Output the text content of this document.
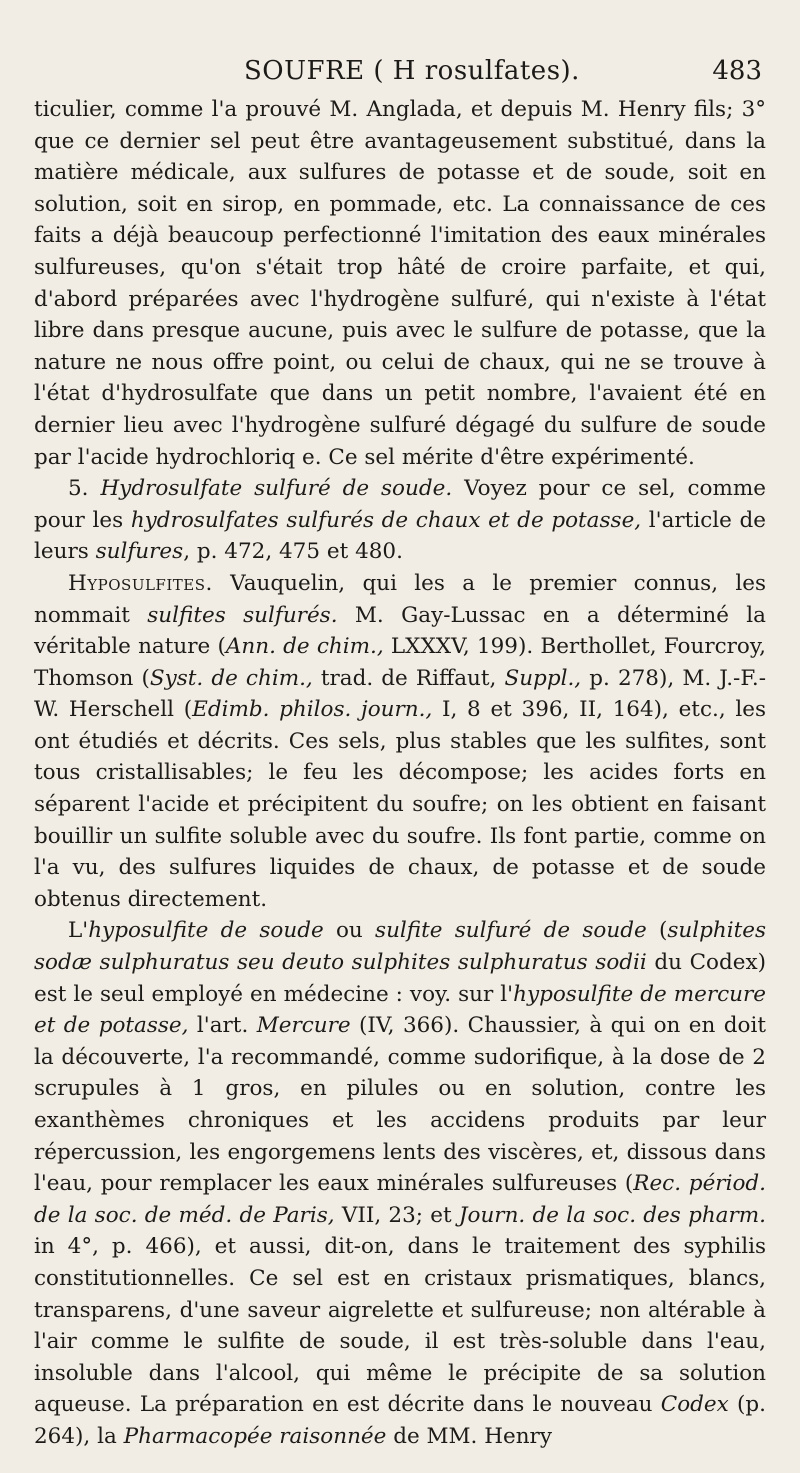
SOUFRE ( H rosulfates).	483

ticulier, comme l'a prouvé M. Anglada, et depuis M. Henry fils; 3° que ce dernier sel peut être avantageusement substitué, dans la matière médicale, aux sulfures de potasse et de soude, soit en solution, soit en sirop, en pommade, etc. La connaissance de ces faits a déjà beaucoup perfectionné l'imitation des eaux minérales sulfureuses, qu'on s'était trop hâté de croire parfaite, et qui, d'abord préparées avec l'hydrogène sulfuré, qui n'existe à l'état libre dans presque aucune, puis avec le sulfure de potasse, que la nature ne nous offre point, ou celui de chaux, qui ne se trouve à l'état d'hydrosulfate que dans un petit nombre, l'avaient été en dernier lieu avec l'hydrogène sulfuré dégagé du sulfure de soude par l'acide hydrochloriq e. Ce sel mérite d'être expérimenté.

5. Hydrosulfate sulfuré de soude. Voyez pour ce sel, comme pour les hydrosulfates sulfurés de chaux et de potasse, l'article de leurs sulfures, p. 472, 475 et 480.

Hyposulfites. Vauquelin, qui les a le premier connus, les nommait sulfites sulfurés. M. Gay-Lussac en a déterminé la véritable nature (Ann. de chim., LXXXV, 199). Berthollet, Fourcroy, Thomson (Syst. de chim., trad. de Riffaut, Suppl., p. 278), M. J.-F.-W. Herschell (Edimb. philos. journ., I, 8 et 396, II, 164), etc., les ont étudiés et décrits. Ces sels, plus stables que les sulfites, sont tous cristallisables; le feu les décompose; les acides forts en séparent l'acide et précipitent du soufre; on les obtient en faisant bouillir un sulfite soluble avec du soufre. Ils font partie, comme on l'a vu, des sulfures liquides de chaux, de potasse et de soude obtenus directement.

L'hyposulfite de soude ou sulfite sulfuré de soude (sulphites sodæ sulphuratus seu deuto sulphites sulphuratus sodii du Codex) est le seul employé en médecine : voy. sur l'hyposulfite de mercure et de potasse, l'art. Mercure (IV, 366). Chaussier, à qui on en doit la découverte, l'a recommandé, comme sudorifique, à la dose de 2 scrupules à 1 gros, en pilules ou en solution, contre les exanthèmes chroniques et les accidens produits par leur répercussion, les engorgemens lents des viscères, et, dissous dans l'eau, pour remplacer les eaux minérales sulfureuses (Rec. périod. de la soc. de méd. de Paris, VII, 23; et Journ. de la soc. des pharm. in 4°, p. 466), et aussi, dit-on, dans le traitement des syphilis constitutionnelles. Ce sel est en cristaux prismatiques, blancs, transparens, d'une saveur aigrelette et sulfureuse; non altérable à l'air comme le sulfite de soude, il est très-soluble dans l'eau, insoluble dans l'alcool, qui même le précipite de sa solution aqueuse. La préparation en est décrite dans le nouveau Codex (p. 264), la Pharmacopée raisonnée de MM. Henry
